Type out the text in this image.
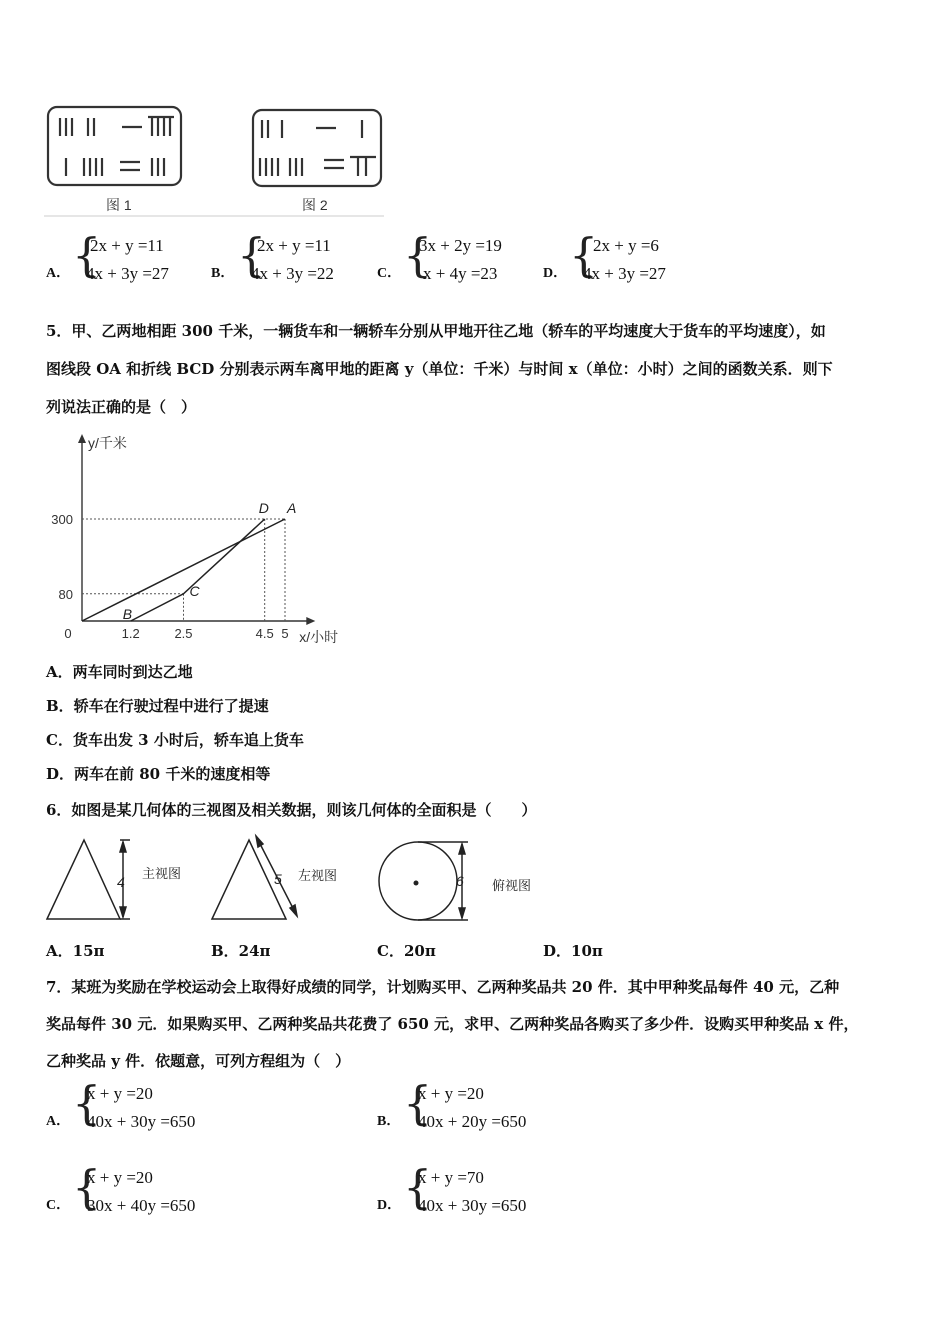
图 1	图 2
A． {
2x + y =11
4x + 3y =27	B． {
2x + y =11
4x + 3y =22	C． {
3x + 2y =19
x + 4y =23	D． {
2x + y =6
4x + 3y =27
5．甲、乙两地相距 300 千米，一辆货车和一辆轿车分别从甲地开往乙地（轿车的平均速度大于货车的平均速度），如
图线段 OA 和折线 BCD 分别表示两车离甲地的距离 y（单位：千米）与时间 x（单位：小时）之间的函数关系．则下
列说法正确的是（　）
y/千米
x/小时
0	1.2	2.5	4.5 5
80
300
A
D
C
B
A．两车同时到达乙地
B．轿车在行驶过程中进行了提速
C．货车出发 3 小时后，轿车追上货车
D．两车在前 80 千米的速度相等
6．如图是某几何体的三视图及相关数据，则该几何体的全面积是（　　）
4
主视图	5 左视图	6 俯视图
A．15π	B．24π	C．20π	D．10π
7．某班为奖励在学校运动会上取得好成绩的同学，计划购买甲、乙两种奖品共 20 件．其中甲种奖品每件 40 元，乙种
奖品每件 30 元．如果购买甲、乙两种奖品共花费了 650 元，求甲、乙两种奖品各购买了多少件．设购买甲种奖品 x 件，
乙种奖品 y 件．依题意，可列方程组为（　）
A． {
x + y =20
40x + 30y =650	B． {
x + y =20
40x + 20y =650
C． {
x + y =20
30x + 40y =650	D． {
x + y =70
40x + 30y =650
